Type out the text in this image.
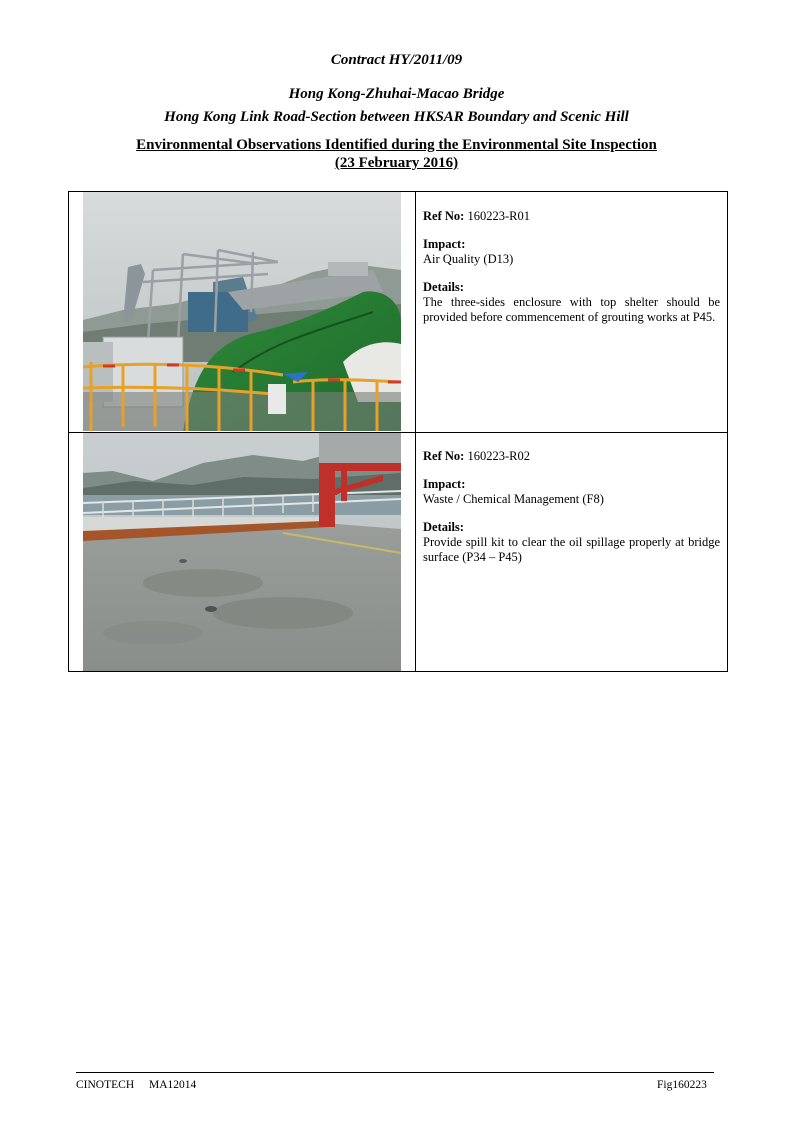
Contract HY/2011/09
Hong Kong-Zhuhai-Macao Bridge
Hong Kong Link Road-Section between HKSAR Boundary and Scenic Hill
Environmental Observations Identified during the Environmental Site Inspection
(23 February 2016)
Ref No: 160223-R01
Impact:
Air Quality (D13)
Details:
The three-sides enclosure with top shelter should be provided before commencement of grouting works at P45.
Ref No: 160223-R02
Impact:
Waste / Chemical Management (F8)
Details:
Provide spill kit to clear the oil spillage properly at bridge surface (P34 – P45)
CINOTECH MA12014	Fig160223
